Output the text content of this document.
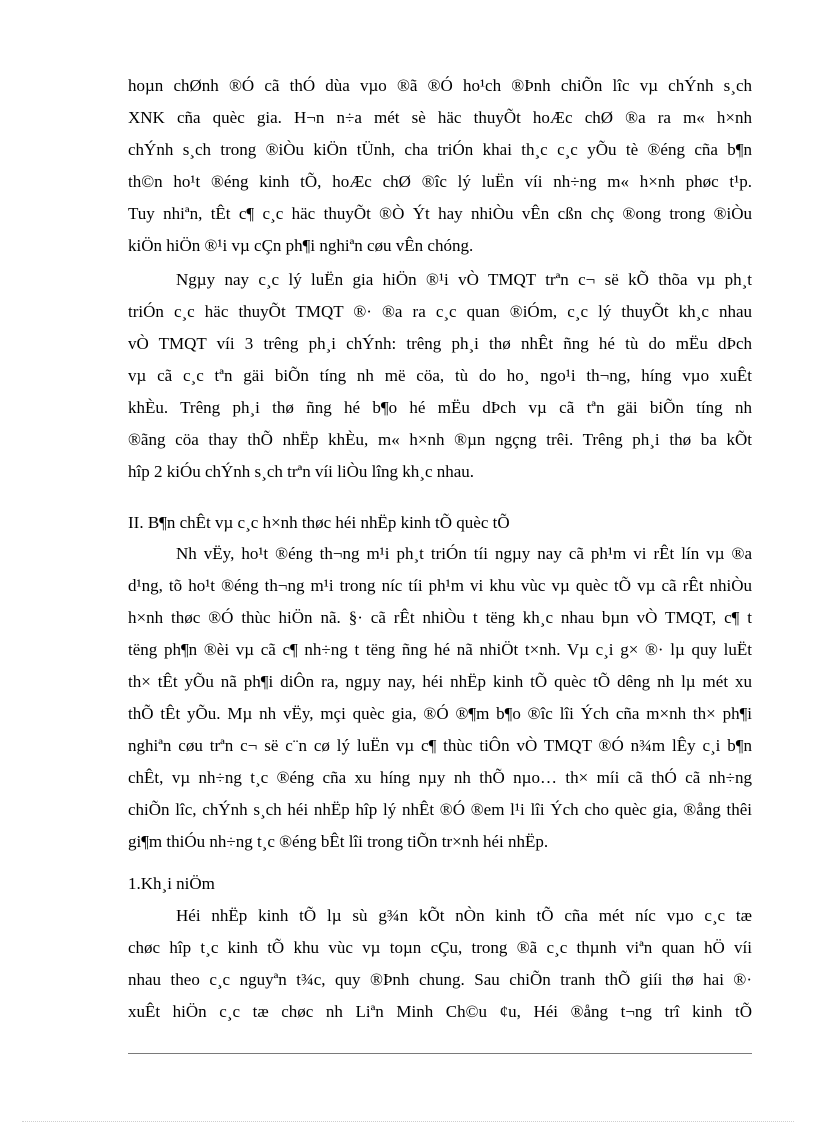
hoµn chØnh ®Ó cã thÓ dùa vµo ®ã ®Ó ho¹ch ®Þnh chiÕn lîc vµ chÝnh s¸ch
XNK cña quèc gia. H¬n n÷a mét sè häc thuyÕt hoÆc chØ ®a ra m« h×nh
chÝnh s¸ch trong ®iÒu kiÖn tÜnh, cha triÓn khai th¸c c¸c yÕu tè ®éng cña b¶n
th©n ho¹t ®éng kinh tÕ, hoÆc chØ ®îc lý luËn víi nh÷ng m« h×nh phøc t¹p.
Tuy nhiªn, tÊt c¶ c¸c häc thuyÕt ®Ò Ýt hay nhiÒu vÊn cßn chç ®ong trong ®iÒu
kiÖn hiÖn ®¹i vµ cÇn ph¶i nghiªn cøu vÊn chóng.
Ngµy nay c¸c lý luËn gia hiÖn ®¹i vÒ TMQT trªn c¬ së kÕ thõa vµ ph¸t
triÓn c¸c häc thuyÕt TMQT ®· ®a ra c¸c quan ®iÓm, c¸c lý thuyÕt kh¸c nhau
vÒ TMQT víi 3 trêng ph¸i chÝnh: trêng ph¸i thø nhÊt ñng hé tù do mËu dÞch
vµ cã c¸c tªn gäi biÕn tíng nh më cöa, tù do ho¸ ngo¹i th¬ng, híng vµo xuÊt
khÈu. Trêng ph¸i thø ñng hé b¶o hé mËu dÞch vµ cã tªn gäi biÕn tíng nh
®ãng cöa thay thÕ nhËp khÈu, m« h×nh ®µn ngçng trêi. Trêng ph¸i thø ba kÕt
hîp 2 kiÓu chÝnh s¸ch trªn víi liÒu lîng kh¸c nhau.
II. B¶n chÊt vµ c¸c h×nh thøc héi nhËp kinh tÕ quèc tÕ
Nh vËy, ho¹t ®éng th¬ng m¹i ph¸t triÓn tíi ngµy nay cã ph¹m vi rÊt lín vµ ®a
d¹ng, tõ ho¹t ®éng th¬ng m¹i trong níc tíi ph¹m vi khu vùc vµ quèc tÕ vµ cã rÊt nhiÒu
h×nh thøc ®Ó thùc hiÖn nã. §· cã rÊt nhiÒu t tëng kh¸c nhau bµn vÒ TMQT, c¶ t
tëng ph¶n ®èi vµ cã c¶ nh÷ng t tëng ñng hé nã nhiÖt t×nh. Vµ c¸i g× ®· lµ quy luËt
th× tÊt yÕu nã ph¶i diÔn ra, ngµy nay, héi nhËp kinh tÕ quèc tÕ dêng nh lµ mét xu
thÕ tÊt yÕu. Mµ nh vËy, mçi quèc gia, ®Ó ®¶m b¶o ®îc lîi Ých cña m×nh th× ph¶i
nghiªn cøu trªn c¬ së c¨n cø lý luËn vµ c¶ thùc tiÔn vÒ TMQT ®Ó n¾m lÊy c¸i b¶n
chÊt, vµ nh÷ng t¸c ®éng cña xu híng nµy nh thÕ nµo… th× míi cã thÓ cã nh÷ng
chiÕn lîc, chÝnh s¸ch héi nhËp hîp lý nhÊt ®Ó ®em l¹i lîi Ých cho quèc gia, ®ång thêi
gi¶m thiÓu nh÷ng t¸c ®éng bÊt lîi trong tiÕn tr×nh héi nhËp.
1.Kh¸i niÖm
Héi nhËp kinh tÕ lµ sù g¾n kÕt nÒn kinh tÕ cña mét níc vµo c¸c tæ
chøc hîp t¸c kinh tÕ khu vùc vµ toµn cÇu, trong ®ã c¸c thµnh viªn quan hÖ víi
nhau theo c¸c nguyªn t¾c, quy ®Þnh chung. Sau chiÕn tranh thÕ giíi thø hai ®·
xuÊt hiÖn c¸c tæ chøc nh Liªn Minh Ch©u ¢u, Héi ®ång t¬ng trî kinh tÕ
